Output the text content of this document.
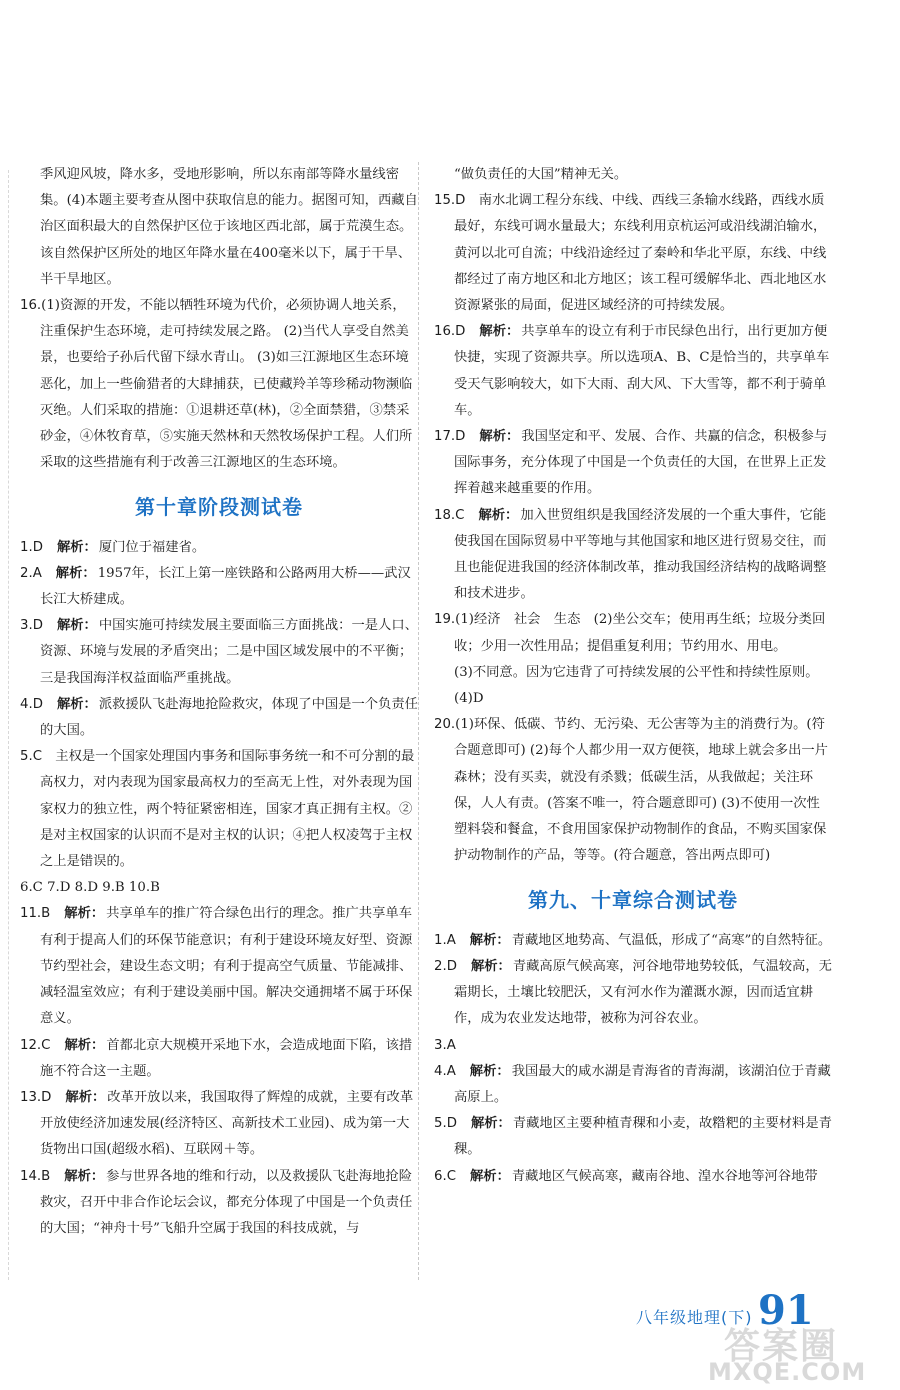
季风迎风坡，降水多，受地形影响，所以东南部等降水量线密集。(4)本题主要考查从图中获取信息的能力。据图可知，西藏自治区面积最大的自然保护区位于该地区西北部，属于荒漠生态。该自然保护区所处的地区年降水量在400毫米以下，属于干旱、半干旱地区。

16.(1)资源的开发，不能以牺牲环境为代价，必须协调人地关系，注重保护生态环境，走可持续发展之路。 (2)当代人享受自然美景，也要给子孙后代留下绿水青山。 (3)如三江源地区生态环境恶化，加上一些偷猎者的大肆捕获，已使藏羚羊等珍稀动物濒临灭绝。人们采取的措施：①退耕还草(林)，②全面禁猎，③禁采砂金，④休牧育草，⑤实施天然林和天然牧场保护工程。人们所采取的这些措施有利于改善三江源地区的生态环境。

第十章阶段测试卷

1.D 解析： 厦门位于福建省。

2.A 解析： 1957年，长江上第一座铁路和公路两用大桥——武汉长江大桥建成。

3.D 解析： 中国实施可持续发展主要面临三方面挑战：一是人口、资源、环境与发展的矛盾突出；二是中国区域发展中的不平衡；三是我国海洋权益面临严重挑战。

4.D 解析： 派救援队飞赴海地抢险救灾，体现了中国是一个负责任的大国。

5.C  主权是一个国家处理国内事务和国际事务统一和不可分割的最高权力，对内表现为国家最高权力的至高无上性，对外表现为国家权力的独立性，两个特征紧密相连，国家才真正拥有主权。②是对主权国家的认识而不是对主权的认识；④把人权凌驾于主权之上是错误的。

6.C 7.D 8.D 9.B 10.B

11.B 解析： 共享单车的推广符合绿色出行的理念。推广共享单车有利于提高人们的环保节能意识；有利于建设环境友好型、资源节约型社会，建设生态文明；有利于提高空气质量、节能减排、减轻温室效应；有利于建设美丽中国。解决交通拥堵不属于环保意义。

12.C 解析： 首都北京大规模开采地下水，会造成地面下陷，该措施不符合这一主题。

13.D 解析： 改革开放以来，我国取得了辉煌的成就，主要有改革开放使经济加速发展(经济特区、高新技术工业园)、成为第一大货物出口国(超级水稻)、互联网＋等。

14.B 解析： 参与世界各地的维和行动，以及救援队飞赴海地抢险救灾，召开中非合作论坛会议，都充分体现了中国是一个负责任的大国；“神舟十号”飞船升空属于我国的科技成就，与

“做负责任的大国”精神无关。

15.D  南水北调工程分东线、中线、西线三条输水线路，西线水质最好，东线可调水量最大；东线利用京杭运河或沿线湖泊输水，黄河以北可自流；中线沿途经过了秦岭和华北平原，东线、中线都经过了南方地区和北方地区；该工程可缓解华北、西北地区水资源紧张的局面，促进区域经济的可持续发展。

16.D 解析： 共享单车的设立有利于市民绿色出行，出行更加方便快捷，实现了资源共享。所以选项A、B、C是恰当的，共享单车受天气影响较大，如下大雨、刮大风、下大雪等，都不利于骑单车。

17.D 解析： 我国坚定和平、发展、合作、共赢的信念，积极参与国际事务，充分体现了中国是一个负责任的大国，在世界上正发挥着越来越重要的作用。

18.C 解析： 加入世贸组织是我国经济发展的一个重大事件，它能使我国在国际贸易中平等地与其他国家和地区进行贸易交往，而且也能促进我国的经济体制改革，推动我国经济结构的战略调整和技术进步。

19.(1)经济　社会　生态　(2)坐公交车；使用再生纸；垃圾分类回收；少用一次性用品；提倡重复利用；节约用水、用电。

(3)不同意。因为它违背了可持续发展的公平性和持续性原则。 (4)D

20.(1)环保、低碳、节约、无污染、无公害等为主的消费行为。(符合题意即可) (2)每个人都少用一双方便筷，地球上就会多出一片森林；没有买卖，就没有杀戮；低碳生活，从我做起；关注环保，人人有责。(答案不唯一，符合题意即可) (3)不使用一次性塑料袋和餐盒，不食用国家保护动物制作的食品，不购买国家保护动物制作的产品，等等。(符合题意，答出两点即可)

第九、十章综合测试卷

1.A 解析： 青藏地区地势高、气温低，形成了“高寒”的自然特征。

2.D 解析： 青藏高原气候高寒，河谷地带地势较低，气温较高，无霜期长，土壤比较肥沃，又有河水作为灌溉水源，因而适宜耕作，成为农业发达地带，被称为河谷农业。

3.A

4.A 解析： 我国最大的咸水湖是青海省的青海湖，该湖泊位于青藏高原上。

5.D 解析： 青藏地区主要种植青稞和小麦，故糌粑的主要材料是青稞。

6.C 解析： 青藏地区气候高寒，藏南谷地、湟水谷地等河谷地带

八年级地理(下) 91
答案圈
MXQE.COM
